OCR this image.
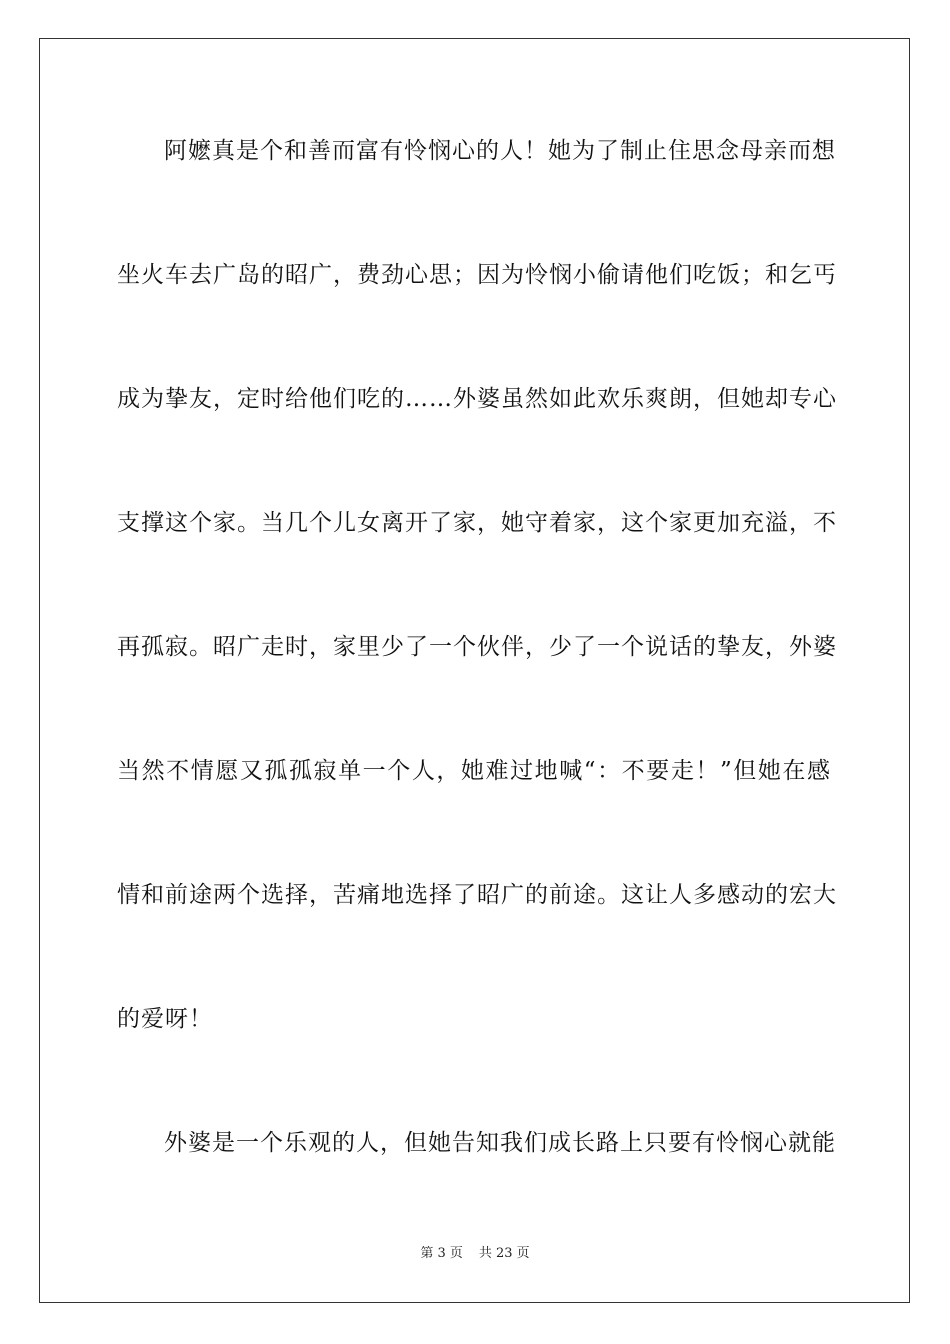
阿嬷真是个和善而富有怜悯心的人！她为了制止住思念母亲而想
坐火车去广岛的昭广，费劲心思；因为怜悯小偷请他们吃饭；和乞丐
成为挚友，定时给他们吃的……外婆虽然如此欢乐爽朗，但她却专心
支撑这个家。当几个儿女离开了家，她守着家，这个家更加充溢，不
再孤寂。昭广走时，家里少了一个伙伴，少了一个说话的挚友，外婆
当然不情愿又孤孤寂单一个人，她难过地喊“：不要走！”但她在感
情和前途两个选择，苦痛地选择了昭广的前途。这让人多感动的宏大
的爱呀！
外婆是一个乐观的人，但她告知我们成长路上只要有怜悯心就能
第 3 页 共 23 页
